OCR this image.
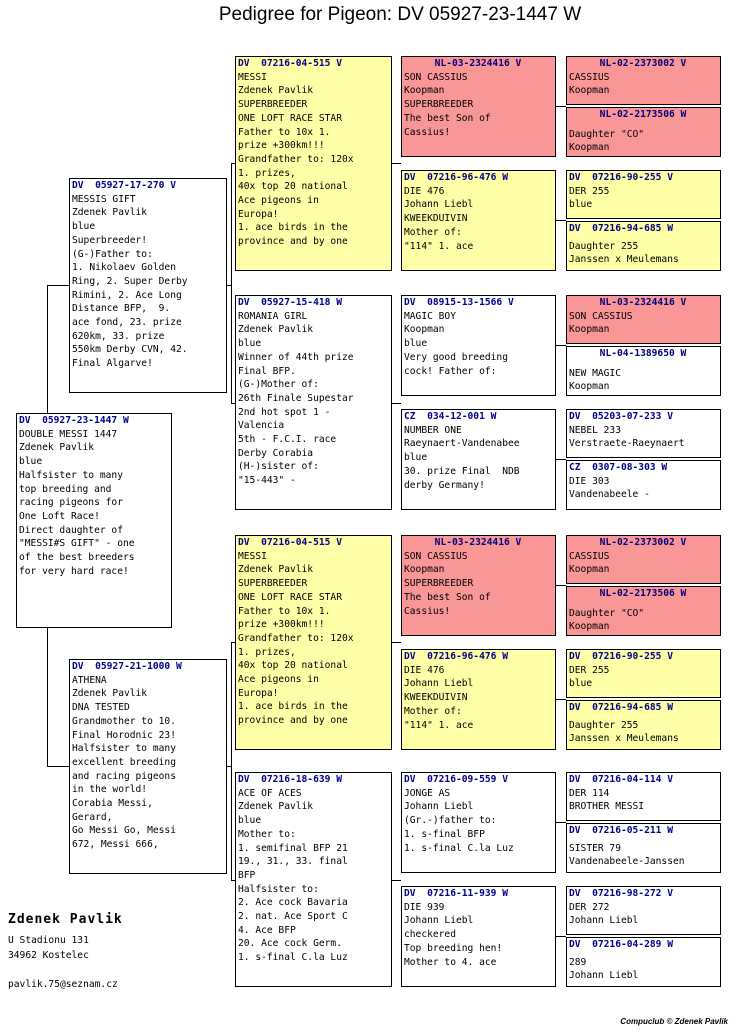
Pedigree for Pigeon: DV 05927-23-1447 W
DV  05927-23-1447 W
DOUBLE MESSI 1447
Zdenek Pavlik
blue
Halfsister to many
top breeding and
racing pigeons for
One Loft Race!
Direct daughter of
"MESSI#S GIFT" - one
of the best breeders
for very hard race!
DV  05927-17-270 V
MESSIS GIFT
Zdenek Pavlik
blue
Superbreeder!
(G-)Father to:
1. Nikolaev Golden
Ring, 2. Super Derby
Rimini, 2. Ace Long
Distance BFP,  9.
ace fond, 23. prize
620km, 33. prize
550km Derby CVN, 42.
Final Algarve!
DV  05927-21-1000 W
ATHENA
Zdenek Pavlik
DNA TESTED
Grandmother to 10.
Final Horodnic 23!
Halfsister to many
excellent breeding
and racing pigeons
in the world!
Corabia Messi,
Gerard,
Go Messi Go, Messi
672, Messi 666,
DV  07216-04-515 V
MESSI
Zdenek Pavlik
SUPERBREEDER
ONE LOFT RACE STAR
Father to 10x 1.
prize +300km!!!
Grandfather to: 120x
1. prizes,
40x top 20 national
Ace pigeons in
Europa!
1. ace birds in the
province and by one
DV  05927-15-418 W
ROMANIA GIRL
Zdenek Pavlik
blue
Winner of 44th prize
Final BFP.
(G-)Mother of:
26th Finale Supestar
2nd hot spot 1 -
Valencia
5th - F.C.I. race
Derby Corabia
(H-)sister of:
"15-443" -
DV  07216-04-515 V
MESSI
Zdenek Pavlik
SUPERBREEDER
ONE LOFT RACE STAR
Father to 10x 1.
prize +300km!!!
Grandfather to: 120x
1. prizes,
40x top 20 national
Ace pigeons in
Europa!
1. ace birds in the
province and by one
DV  07216-18-639 W
ACE OF ACES
Zdenek Pavlik
blue
Mother to:
1. semifinal BFP 21
19., 31., 33. final
BFP
Halfsister to:
2. Ace cock Bavaria
2. nat. Ace Sport C
4. Ace BFP
20. Ace cock Germ.
1. s-final C.la Luz
NL-03-2324416 V
SON CASSIUS
Koopman
SUPERBREEDER
The best Son of
Cassius!
DV  07216-96-476 W
DIE 476
Johann Liebl
KWEEKDUIVIN
Mother of:
"114" 1. ace
DV  08915-13-1566 V
MAGIC BOY
Koopman
blue
Very good breeding
cock! Father of:
CZ  034-12-001 W
NUMBER ONE
Raeynaert-Vandenabee
blue
30. prize Final  NDB
derby Germany!
NL-03-2324416 V
SON CASSIUS
Koopman
SUPERBREEDER
The best Son of
Cassius!
DV  07216-96-476 W
DIE 476
Johann Liebl
KWEEKDUIVIN
Mother of:
"114" 1. ace
DV  07216-09-559 V
JONGE AS
Johann Liebl
(Gr.-)father to:
1. s-final BFP
1. s-final C.la Luz
DV  07216-11-939 W
DIE 939
Johann Liebl
checkered
Top breeding hen!
Mother to 4. ace
NL-02-2373002 V
CASSIUS
Koopman
NL-02-2173506 W
Daughter "CO"
Koopman
DV  07216-90-255 V
DER 255
blue
DV  07216-94-685 W
Daughter 255
Janssen x Meulemans
NL-03-2324416 V
SON CASSIUS
Koopman
NL-04-1389650 W
NEW MAGIC
Koopman
DV  05203-07-233 V
NEBEL 233
Verstraete-Raeynaert
CZ  0307-08-303 W
DIE 303
Vandenabeele -
NL-02-2373002 V
CASSIUS
Koopman
NL-02-2173506 W
Daughter "CO"
Koopman
DV  07216-90-255 V
DER 255
blue
DV  07216-94-685 W
Daughter 255
Janssen x Meulemans
DV  07216-04-114 V
DER 114
BROTHER MESSI
DV  07216-05-211 W
SISTER 79
Vandenabeele-Janssen
DV  07216-98-272 V
DER 272
Johann Liebl
DV  07216-04-289 W
289
Johann Liebl
Zdenek Pavlik
U Stadionu 131
34962 Kostelec
pavlik.75@seznam.cz
Compuclub © Zdenek Pavlik
